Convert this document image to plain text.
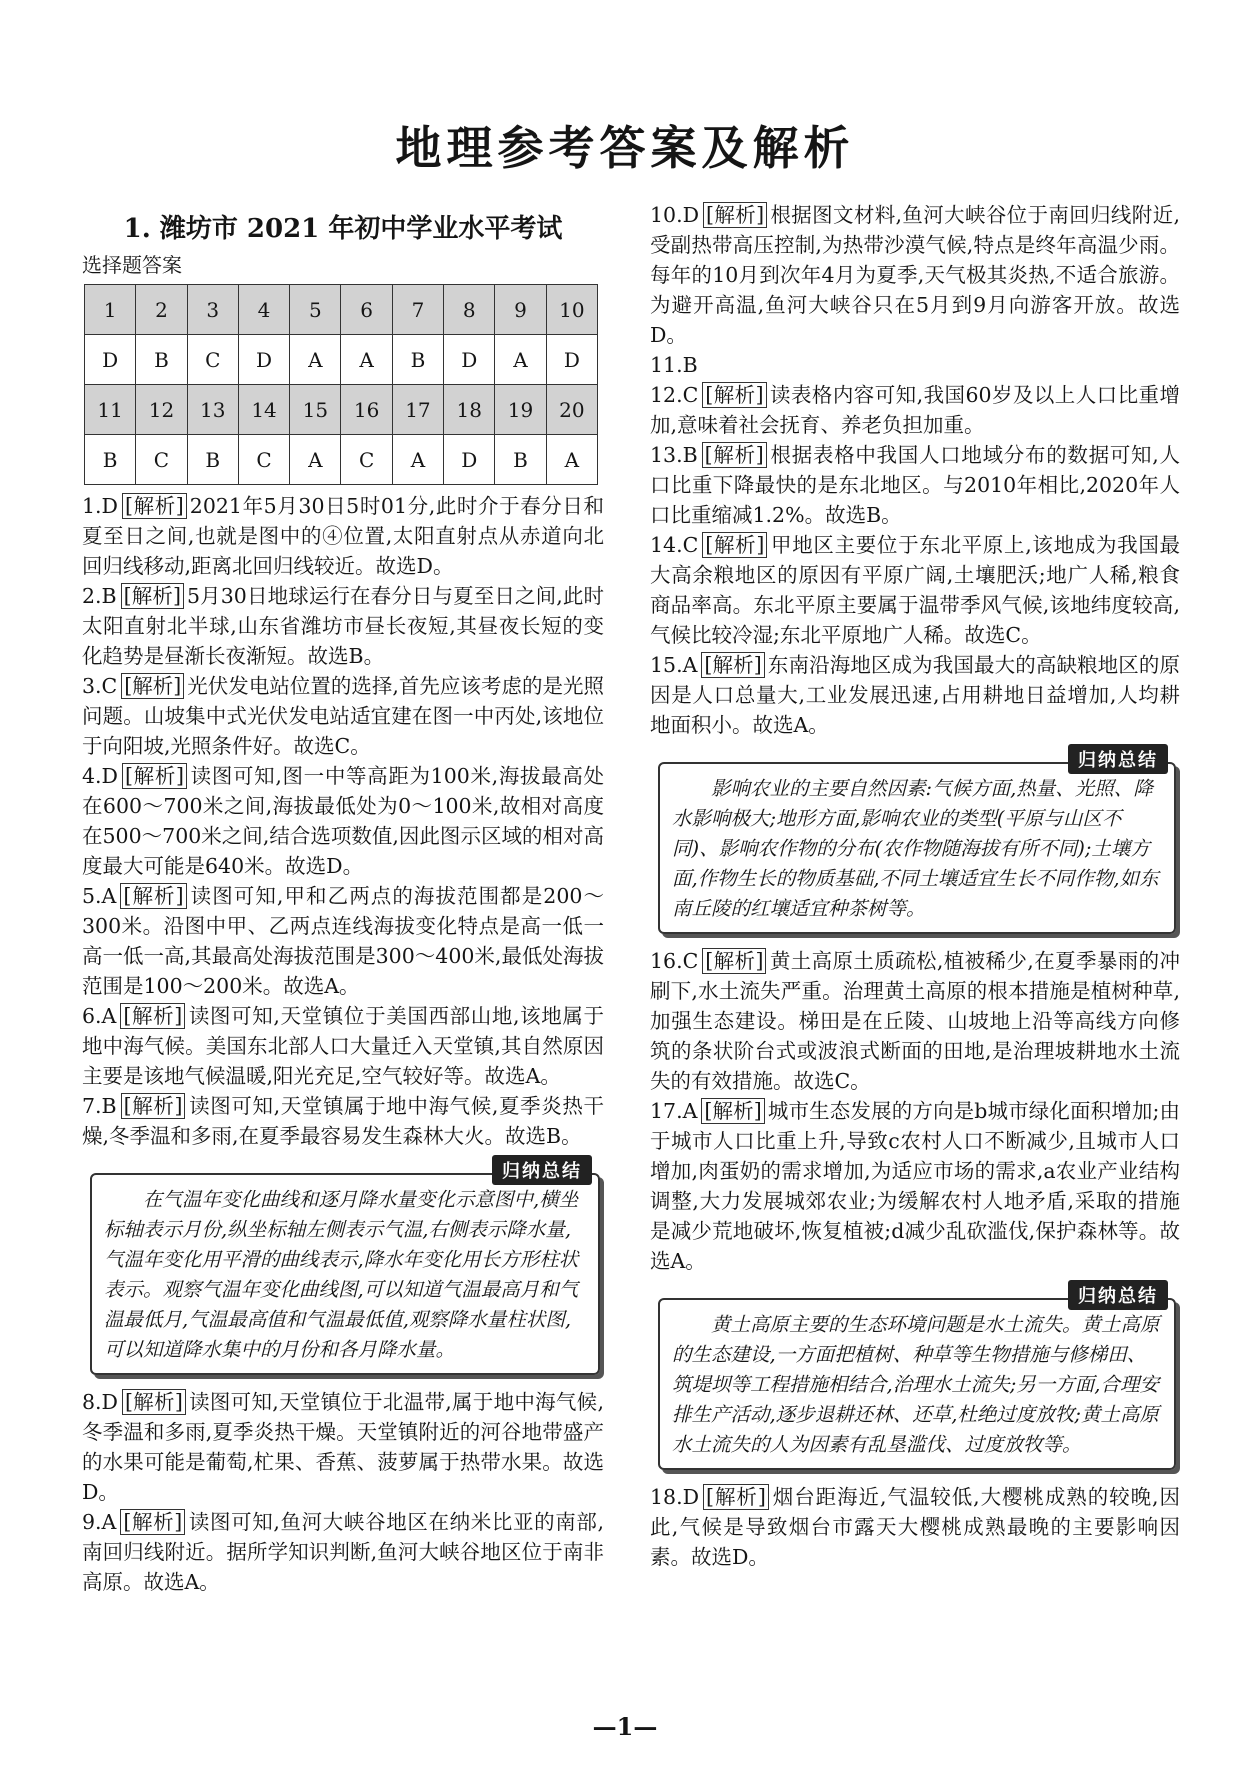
地理参考答案及解析
1. 潍坊市 2021 年初中学业水平考试
选择题答案
1	2	3	4	5	6	7	8	9	10
D	B	C	D	A	A	B	D	A	D
11	12	13	14	15	16	17	18	19	20
B	C	B	C	A	C	A	D	B	A

1.D [解析] 2021年5月30日5时01分,此时介于春分日和夏至日之间,也就是图中的④位置,太阳直射点从赤道向北回归线移动,距离北回归线较近。故选D。

2.B [解析] 5月30日地球运行在春分日与夏至日之间,此时太阳直射北半球,山东省潍坊市昼长夜短,其昼夜长短的变化趋势是昼渐长夜渐短。故选B。

3.C [解析] 光伏发电站位置的选择,首先应该考虑的是光照问题。山坡集中式光伏发电站适宜建在图一中丙处,该地位于向阳坡,光照条件好。故选C。

4.D [解析] 读图可知,图一中等高距为100米,海拔最高处在600～700米之间,海拔最低处为0～100米,故相对高度在500～700米之间,结合选项数值,因此图示区域的相对高度最大可能是640米。故选D。

5.A [解析] 读图可知,甲和乙两点的海拔范围都是200～300米。沿图中甲、乙两点连线海拔变化特点是高一低一高一低一高,其最高处海拔范围是300～400米,最低处海拔范围是100～200米。故选A。

6.A [解析] 读图可知,天堂镇位于美国西部山地,该地属于地中海气候。美国东北部人口大量迁入天堂镇,其自然原因主要是该地气候温暖,阳光充足,空气较好等。故选A。

7.B [解析] 读图可知,天堂镇属于地中海气候,夏季炎热干燥,冬季温和多雨,在夏季最容易发生森林大火。故选B。

归纳总结

在气温年变化曲线和逐月降水量变化示意图中,横坐标轴表示月份,纵坐标轴左侧表示气温,右侧表示降水量,气温年变化用平滑的曲线表示,降水年变化用长方形柱状表示。观察气温年变化曲线图,可以知道气温最高月和气温最低月,气温最高值和气温最低值,观察降水量柱状图,可以知道降水集中的月份和各月降水量。

8.D [解析] 读图可知,天堂镇位于北温带,属于地中海气候,冬季温和多雨,夏季炎热干燥。天堂镇附近的河谷地带盛产的水果可能是葡萄,杧果、香蕉、菠萝属于热带水果。故选D。

9.A [解析] 读图可知,鱼河大峡谷地区在纳米比亚的南部,南回归线附近。据所学知识判断,鱼河大峡谷地区位于南非高原。故选A。

10.D [解析] 根据图文材料,鱼河大峡谷位于南回归线附近,受副热带高压控制,为热带沙漠气候,特点是终年高温少雨。每年的10月到次年4月为夏季,天气极其炎热,不适合旅游。为避开高温,鱼河大峡谷只在5月到9月向游客开放。故选D。

11.B

12.C [解析] 读表格内容可知,我国60岁及以上人口比重增加,意味着社会抚育、养老负担加重。

13.B [解析] 根据表格中我国人口地域分布的数据可知,人口比重下降最快的是东北地区。与2010年相比,2020年人口比重缩减1.2%。故选B。

14.C [解析] 甲地区主要位于东北平原上,该地成为我国最大高余粮地区的原因有平原广阔,土壤肥沃;地广人稀,粮食商品率高。东北平原主要属于温带季风气候,该地纬度较高,气候比较冷湿;东北平原地广人稀。故选C。

15.A [解析] 东南沿海地区成为我国最大的高缺粮地区的原因是人口总量大,工业发展迅速,占用耕地日益增加,人均耕地面积小。故选A。

归纳总结

影响农业的主要自然因素:气候方面,热量、光照、降水影响极大;地形方面,影响农业的类型(平原与山区不同)、影响农作物的分布(农作物随海拔有所不同);土壤方面,作物生长的物质基础,不同土壤适宜生长不同作物,如东南丘陵的红壤适宜种茶树等。

16.C [解析] 黄土高原土质疏松,植被稀少,在夏季暴雨的冲刷下,水土流失严重。治理黄土高原的根本措施是植树种草,加强生态建设。梯田是在丘陵、山坡地上沿等高线方向修筑的条状阶台式或波浪式断面的田地,是治理坡耕地水土流失的有效措施。故选C。

17.A [解析] 城市生态发展的方向是b城市绿化面积增加;由于城市人口比重上升,导致c农村人口不断减少,且城市人口增加,肉蛋奶的需求增加,为适应市场的需求,a农业产业结构调整,大力发展城郊农业;为缓解农村人地矛盾,采取的措施是减少荒地破坏,恢复植被;d减少乱砍滥伐,保护森林等。故选A。

归纳总结

黄土高原主要的生态环境问题是水土流失。黄土高原的生态建设,一方面把植树、种草等生物措施与修梯田、筑堤坝等工程措施相结合,治理水土流失;另一方面,合理安排生产活动,逐步退耕还林、还草,杜绝过度放牧;黄土高原水土流失的人为因素有乱垦滥伐、过度放牧等。

18.D [解析] 烟台距海近,气温较低,大樱桃成熟的较晚,因此,气候是导致烟台市露天大樱桃成熟最晚的主要影响因素。故选D。

—1—
